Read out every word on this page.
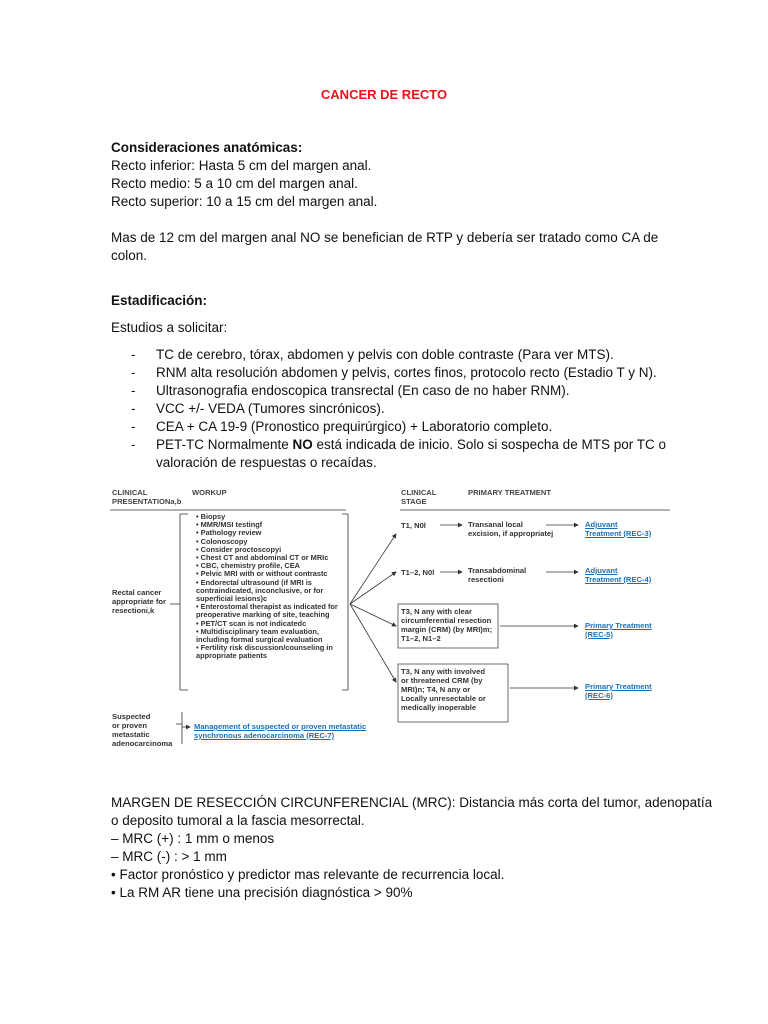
CANCER DE RECTO
Consideraciones anatómicas:
Recto inferior: Hasta 5 cm del margen anal.
Recto medio: 5 a 10 cm del margen anal.
Recto superior: 10 a 15 cm del margen anal.
Mas de 12 cm del margen anal NO se benefician de RTP y debería ser tratado como CA de
colon.
Estadificación:
Estudios a solicitar:
- TC de cerebro, tórax, abdomen y pelvis con doble contraste (Para ver MTS).
- RNM alta resolución abdomen y pelvis, cortes finos, protocolo recto (Estadio T y N).
- Ultrasonografia endoscopica transrectal (En caso de no haber RNM).
- VCC +/- VEDA (Tumores sincrónicos).
- CEA + CA 19-9 (Pronostico prequirúrgico) + Laboratorio completo.
- PET-TC Normalmente NO está indicada de inicio. Solo si sospecha de MTS por TC o
valoración de respuestas o recaídas.
CLINICAL
PRESENTATIONa,b
WORKUP	CLINICAL
STAGE
PRIMARY TREATMENT
Rectal cancer
appropriate for
resectioni,k
• Biopsy
• MMR/MSI testingf
• Pathology review
• Colonoscopy
• Consider proctoscopyi
• Chest CT and abdominal CT or MRIc
• CBC, chemistry profile, CEA
• Pelvic MRI with or without contrastc
• Endorectal ultrasound (if MRI is
contraindicated, inconclusive, or for
superficial lesions)c
• Enterostomal therapist as indicated for
preoperative marking of site, teaching
• PET/CT scan is not indicatedc
• Multidisciplinary team evaluation,
including formal surgical evaluation
• Fertility risk discussion/counseling in
appropriate patients
T1, N0l
T1–2, N0l
T3, N any with clear
circumferential resection
margin (CRM) (by MRI)m;
T1–2, N1–2
T3, N any with involved
or threatened CRM (by
MRI)n; T4, N any or
Locally unresectable or
medically inoperable
Transanal local
excision, if appropriatej
Transabdominal
resectioni
Adjuvant
Treatment (REC-3)
Adjuvant
Treatment (REC-4)
Primary Treatment
(REC-5)
Primary Treatment
(REC-6)
Suspected
or proven
metastatic
adenocarcinoma
Management of suspected or proven metastatic
synchronous adenocarcinoma (REC-7)
MARGEN DE RESECCIÓN CIRCUNFERENCIAL (MRC): Distancia más corta del tumor, adenopatía
o deposito tumoral a la fascia mesorrectal.
– MRC (+) : 1 mm o menos
– MRC (-) : > 1 mm
• Factor pronóstico y predictor mas relevante de recurrencia local.
• La RM AR tiene una precisión diagnóstica > 90%
